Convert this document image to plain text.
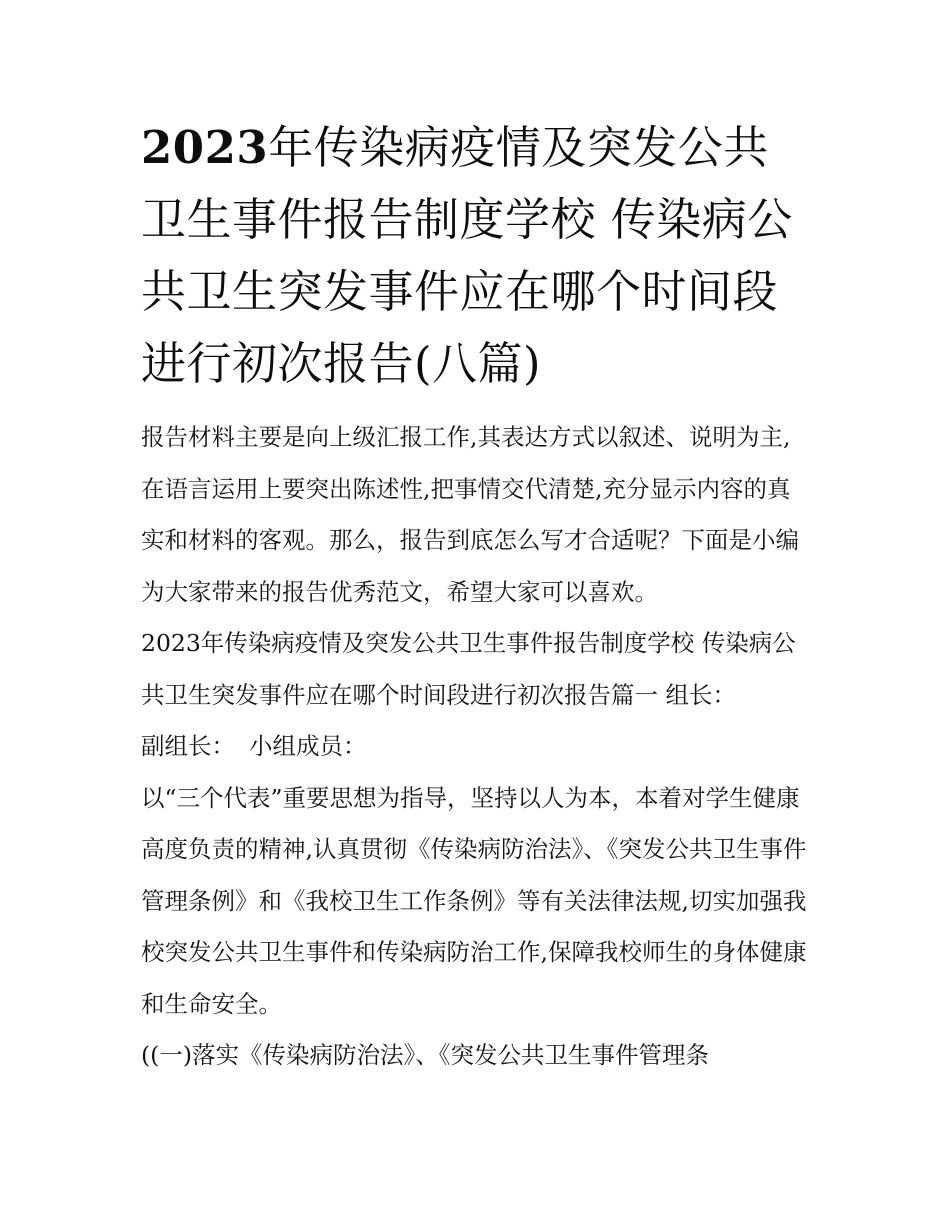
2023年传染病疫情及突发公共卫生事件报告制度学校 传染病公共卫生突发事件应在哪个时间段进行初次报告(八篇)

报告材料主要是向上级汇报工作,其表达方式以叙述、说明为主,在语言运用上要突出陈述性,把事情交代清楚,充分显示内容的真实和材料的客观。那么，报告到底怎么写才合适呢？下面是小编为大家带来的报告优秀范文，希望大家可以喜欢。

2023年传染病疫情及突发公共卫生事件报告制度学校 传染病公共卫生突发事件应在哪个时间段进行初次报告篇一 组长：

副组长： 小组成员：

以“三个代表”重要思想为指导，坚持以人为本，本着对学生健康高度负责的精神,认真贯彻《传染病防治法》、《突发公共卫生事件管理条例》和《我校卫生工作条例》等有关法律法规,切实加强我校突发公共卫生事件和传染病防治工作,保障我校师生的身体健康和生命安全。

((一)落实《传染病防治法》、《突发公共卫生事件管理条
